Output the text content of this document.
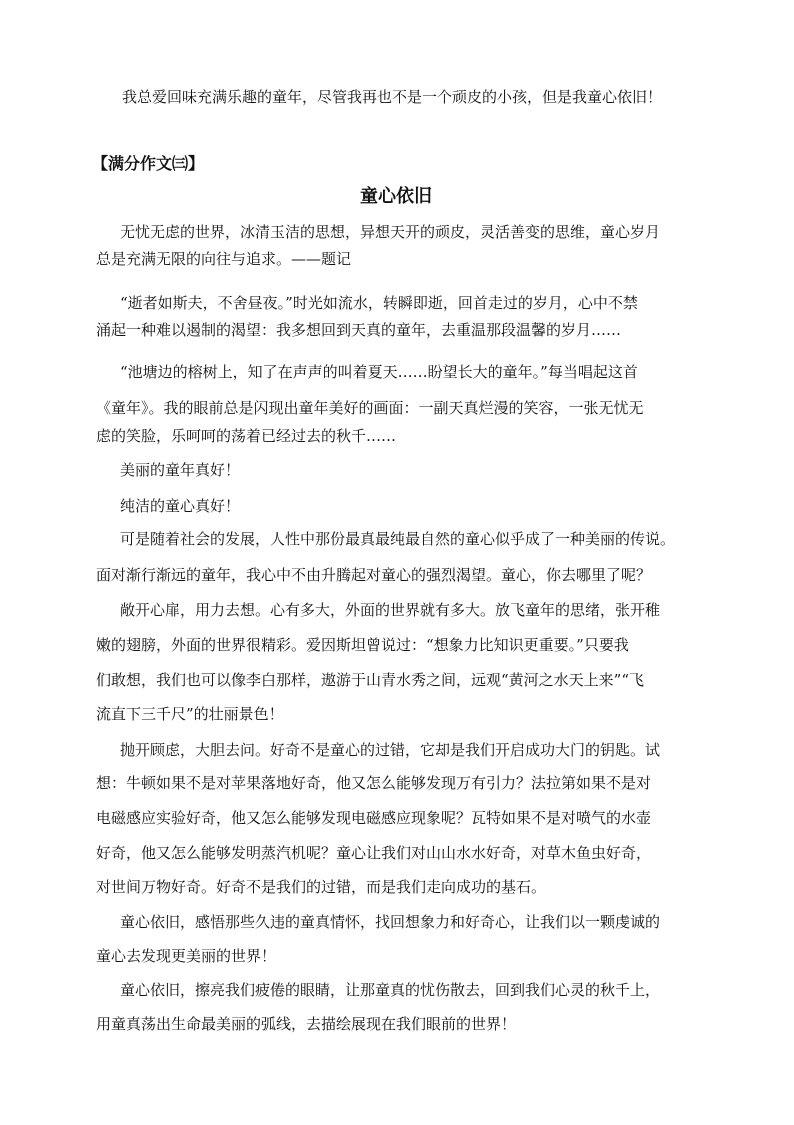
我总爱回味充满乐趣的童年，尽管我再也不是一个顽皮的小孩，但是我童心依旧！
【满分作文㈢】
童心依旧
无忧无虑的世界，冰清玉洁的思想，异想天开的顽皮，灵活善变的思维，童心岁月
总是充满无限的向往与追求。——题记
“逝者如斯夫，不舍昼夜。”时光如流水，转瞬即逝，回首走过的岁月，心中不禁
涌起一种难以遏制的渴望：我多想回到天真的童年，去重温那段温馨的岁月……
“池塘边的榕树上，知了在声声的叫着夏天……盼望长大的童年。”每当唱起这首
《童年》。我的眼前总是闪现出童年美好的画面：一副天真烂漫的笑容，一张无忧无
虑的笑脸，乐呵呵的荡着已经过去的秋千……
美丽的童年真好！
纯洁的童心真好！
可是随着社会的发展，人性中那份最真最纯最自然的童心似乎成了一种美丽的传说。
面对渐行渐远的童年，我心中不由升腾起对童心的强烈渴望。童心，你去哪里了呢？
敞开心扉，用力去想。心有多大，外面的世界就有多大。放飞童年的思绪，张开稚
嫩的翅膀，外面的世界很精彩。爱因斯坦曾说过：“想象力比知识更重要。”只要我
们敢想，我们也可以像李白那样，遨游于山青水秀之间，远观“黄河之水天上来”“飞
流直下三千尺”的壮丽景色！
抛开顾虑，大胆去问。好奇不是童心的过错，它却是我们开启成功大门的钥匙。试
想：牛顿如果不是对苹果落地好奇，他又怎么能够发现万有引力？法拉第如果不是对
电磁感应实验好奇，他又怎么能够发现电磁感应现象呢？瓦特如果不是对喷气的水壶
好奇，他又怎么能够发明蒸汽机呢？童心让我们对山山水水好奇，对草木鱼虫好奇，
对世间万物好奇。好奇不是我们的过错，而是我们走向成功的基石。
童心依旧，感悟那些久违的童真情怀，找回想象力和好奇心，让我们以一颗虔诚的
童心去发现更美丽的世界！
童心依旧，擦亮我们疲倦的眼睛，让那童真的忧伤散去，回到我们心灵的秋千上，
用童真荡出生命最美丽的弧线，去描绘展现在我们眼前的世界！
